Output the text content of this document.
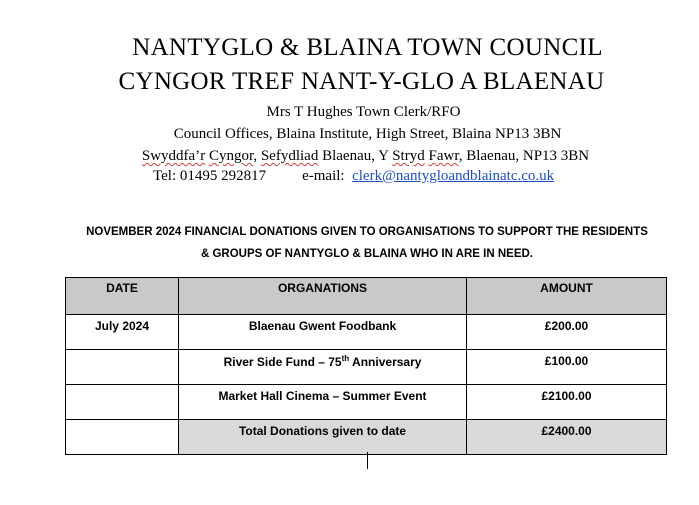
NANTYGLO & BLAINA TOWN COUNCIL
CYNGOR TREF NANT-Y-GLO A BLAENAU
Mrs T Hughes Town Clerk/RFO
Council Offices, Blaina Institute, High Street, Blaina NP13 3BN
Swyddfa’r Cyngor, Sefydliad Blaenau, Y Stryd Fawr, Blaenau, NP13 3BN
Tel: 01495 292817 e-mail: clerk@nantygloandblainatc.co.uk
NOVEMBER 2024 FINANCIAL DONATIONS GIVEN TO ORGANISATIONS TO SUPPORT THE RESIDENTS
& GROUPS OF NANTYGLO & BLAINA WHO IN ARE IN NEED.
DATE	ORGANATIONS	AMOUNT
July 2024	Blaenau Gwent Foodbank	£200.00
	River Side Fund – 75th Anniversary	£100.00
	Market Hall Cinema – Summer Event	£2100.00
	Total Donations given to date	£2400.00
